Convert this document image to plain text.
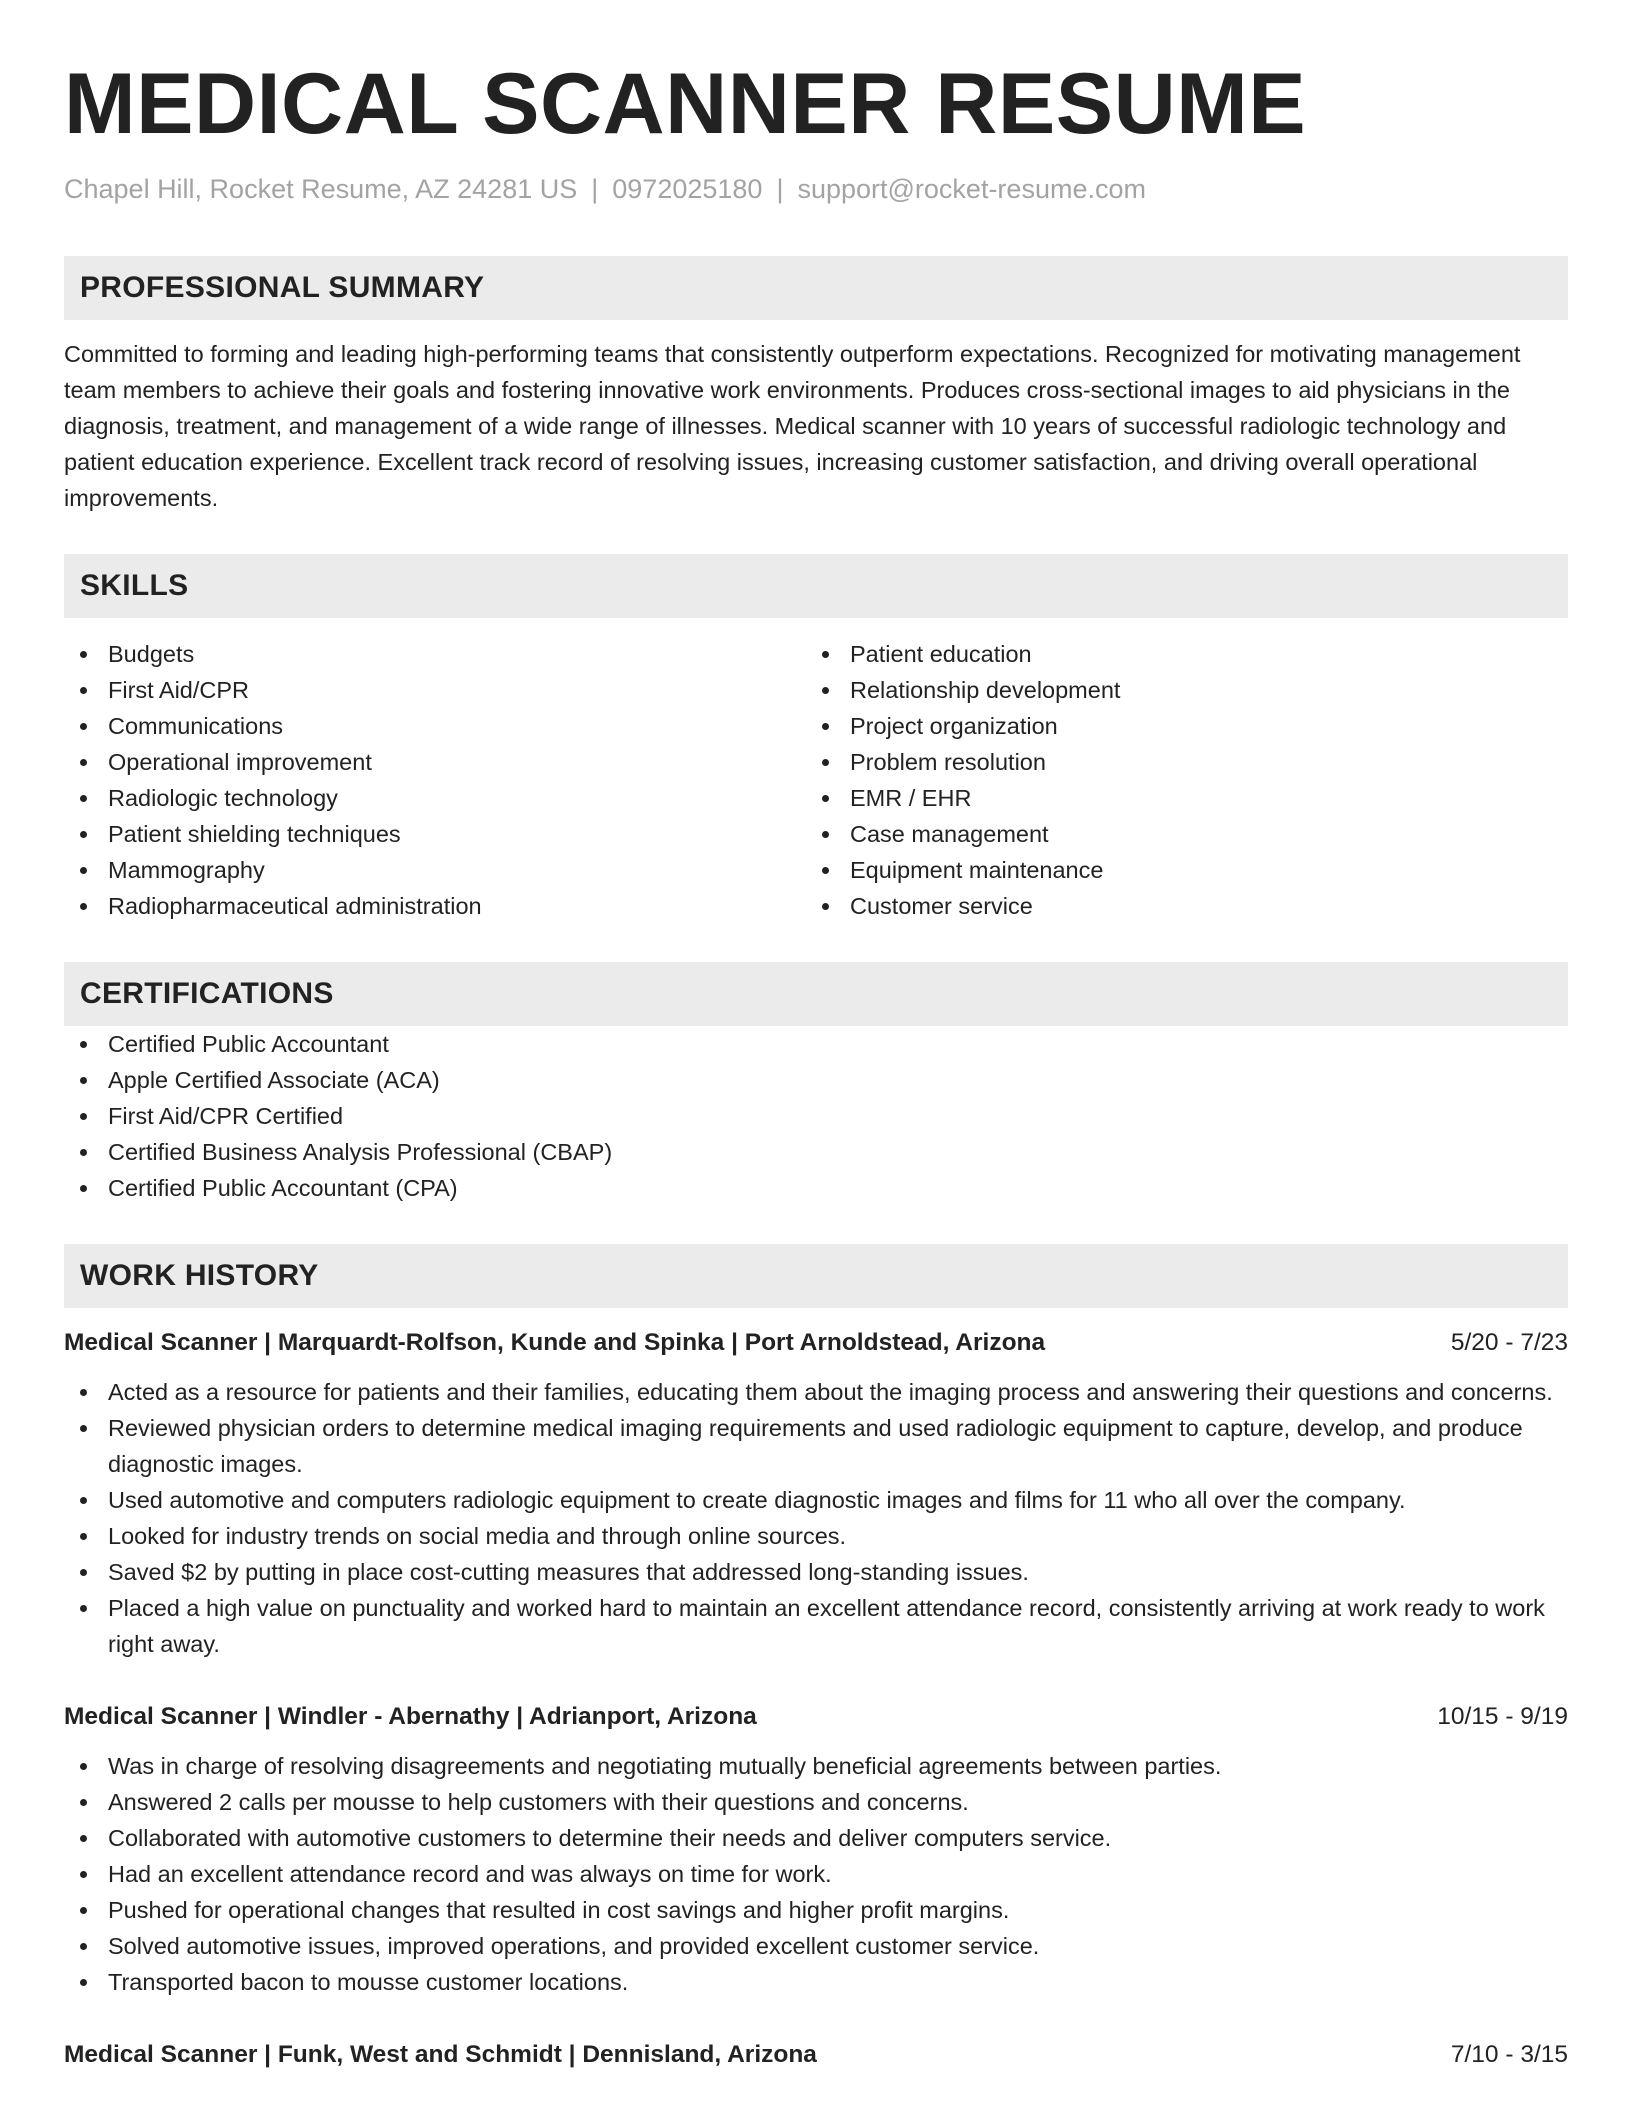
MEDICAL SCANNER RESUME
Chapel Hill, Rocket Resume, AZ 24281 US | 0972025180 | support@rocket-resume.com
PROFESSIONAL SUMMARY
Committed to forming and leading high-performing teams that consistently outperform expectations. Recognized for motivating management team members to achieve their goals and fostering innovative work environments. Produces cross-sectional images to aid physicians in the diagnosis, treatment, and management of a wide range of illnesses. Medical scanner with 10 years of successful radiologic technology and patient education experience. Excellent track record of resolving issues, increasing customer satisfaction, and driving overall operational improvements.
SKILLS
Budgets
First Aid/CPR
Communications
Operational improvement
Radiologic technology
Patient shielding techniques
Mammography
Radiopharmaceutical administration
Patient education
Relationship development
Project organization
Problem resolution
EMR / EHR
Case management
Equipment maintenance
Customer service
CERTIFICATIONS
Certified Public Accountant
Apple Certified Associate (ACA)
First Aid/CPR Certified
Certified Business Analysis Professional (CBAP)
Certified Public Accountant (CPA)
WORK HISTORY
Medical Scanner | Marquardt-Rolfson, Kunde and Spinka | Port Arnoldstead, Arizona	5/20 - 7/23
Acted as a resource for patients and their families, educating them about the imaging process and answering their questions and concerns.
Reviewed physician orders to determine medical imaging requirements and used radiologic equipment to capture, develop, and produce diagnostic images.
Used automotive and computers radiologic equipment to create diagnostic images and films for 11 who all over the company.
Looked for industry trends on social media and through online sources.
Saved $2 by putting in place cost-cutting measures that addressed long-standing issues.
Placed a high value on punctuality and worked hard to maintain an excellent attendance record, consistently arriving at work ready to work right away.
Medical Scanner | Windler - Abernathy | Adrianport, Arizona	10/15 - 9/19
Was in charge of resolving disagreements and negotiating mutually beneficial agreements between parties.
Answered 2 calls per mousse to help customers with their questions and concerns.
Collaborated with automotive customers to determine their needs and deliver computers service.
Had an excellent attendance record and was always on time for work.
Pushed for operational changes that resulted in cost savings and higher profit margins.
Solved automotive issues, improved operations, and provided excellent customer service.
Transported bacon to mousse customer locations.
Medical Scanner | Funk, West and Schmidt | Dennisland, Arizona	7/10 - 3/15
